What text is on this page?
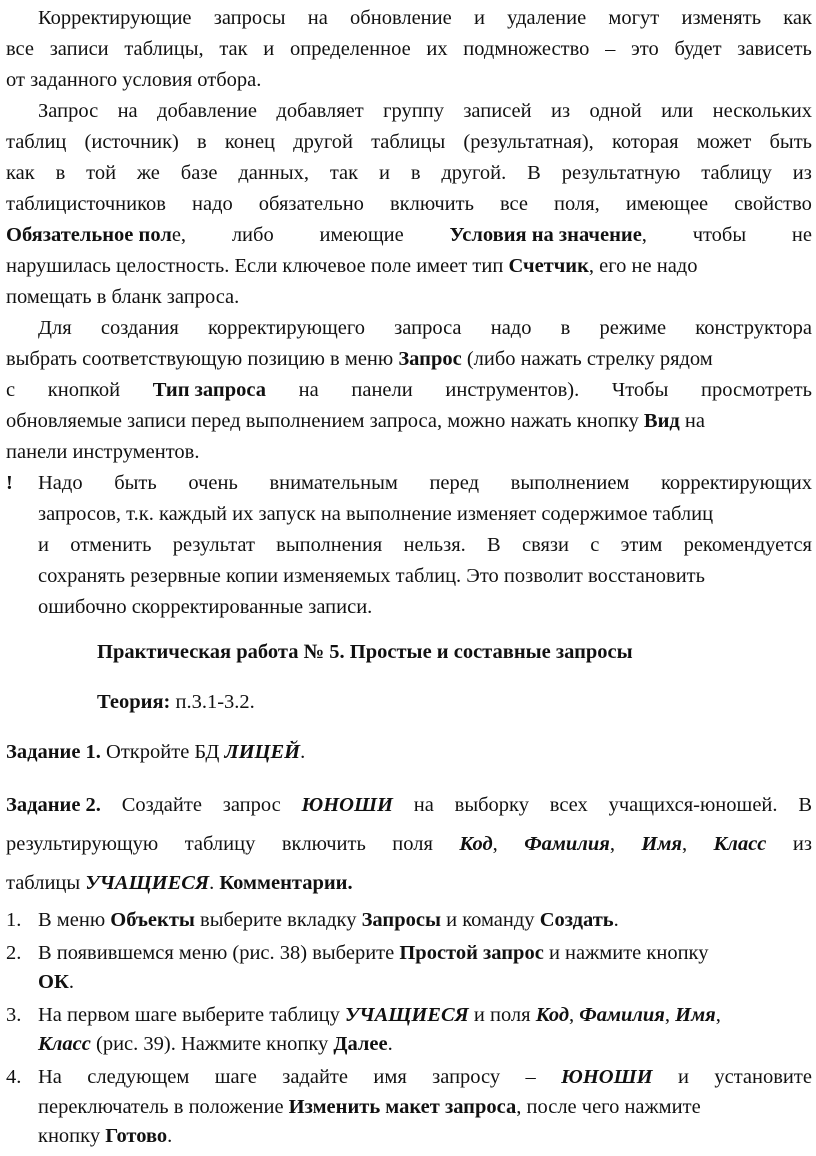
Корректирующие запросы на обновление и удаление могут изменять как
все записи таблицы, так и определенное их подмножество – это будет зависеть
от заданного условия отбора.
Запрос на добавление добавляет группу записей из одной или нескольких
таблиц (источник) в конец другой таблицы (результатная), которая может быть
как в той же базе данных, так и в другой. В результатную таблицу из
таблицисточников надо обязательно включить все поля, имеющее свойство
Обязательное поле, либо имеющие Условия на значение, чтобы не
нарушилась целостность. Если ключевое поле имеет тип Счетчик, его не надо
помещать в бланк запроса.
Для создания корректирующего запроса надо в режиме конструктора
выбрать соответствующую позицию в меню Запрос (либо нажать стрелку рядом
с кнопкой Тип запроса на панели инструментов). Чтобы просмотреть
обновляемые записи перед выполнением запроса, можно нажать кнопку Вид на
панели инструментов.
! Надо быть очень внимательным перед выполнением корректирующих
запросов, т.к. каждый их запуск на выполнение изменяет содержимое таблиц
и отменить результат выполнения нельзя. В связи с этим рекомендуется
сохранять резервные копии изменяемых таблиц. Это позволит восстановить
ошибочно скорректированные записи.
Практическая работа № 5. Простые и составные запросы
Теория: п.3.1-3.2.
Задание 1. Откройте БД ЛИЦЕЙ.
Задание 2. Создайте запрос ЮНОШИ на выборку всех учащихся-юношей. В
результирующую таблицу включить поля Код, Фамилия, Имя, Класс из
таблицы УЧАЩИЕСЯ. Комментарии.
1. В меню Объекты выберите вкладку Запросы и команду Создать.
2. В появившемся меню (рис. 38) выберите Простой запрос и нажмите кнопку
ОК.
3. На первом шаге выберите таблицу УЧАЩИЕСЯ и поля Код, Фамилия, Имя,
Класс (рис. 39). Нажмите кнопку Далее.
4. На следующем шаге задайте имя запросу – ЮНОШИ и установите
переключатель в положение Изменить макет запроса, после чего нажмите
кнопку Готово.
